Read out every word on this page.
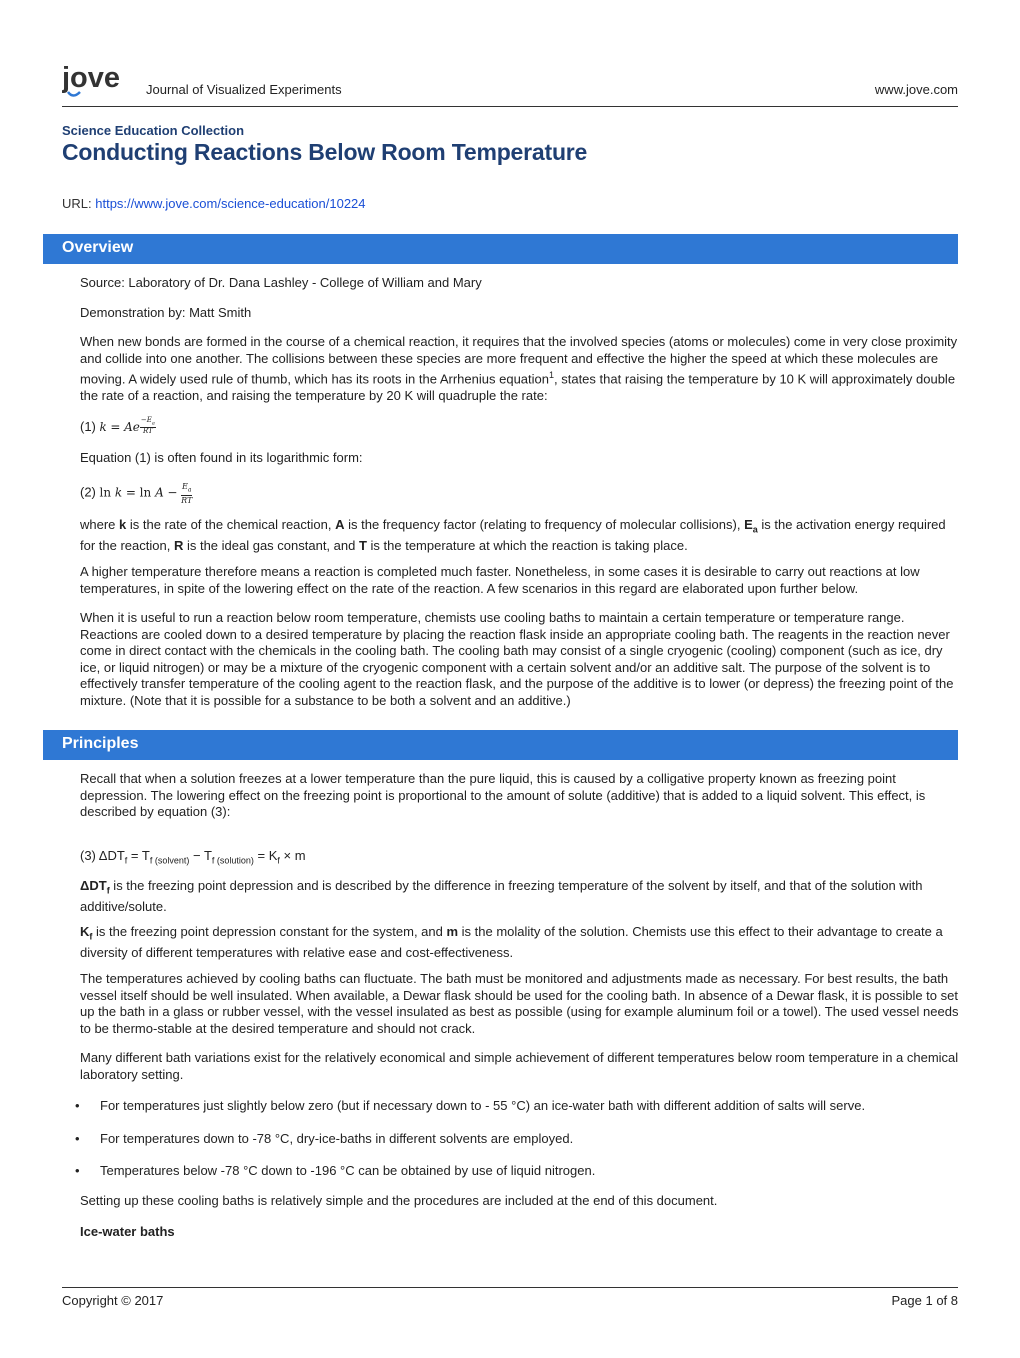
jove Journal of Visualized Experiments	www.jove.com
Science Education Collection
Conducting Reactions Below Room Temperature
URL: https://www.jove.com/science-education/10224
Overview
Source: Laboratory of Dr. Dana Lashley - College of William and Mary
Demonstration by: Matt Smith

When new bonds are formed in the course of a chemical reaction, it requires that the involved species (atoms or molecules) come in very close proximity and collide into one another. The collisions between these species are more frequent and effective the higher the speed at which these molecules are moving. A widely used rule of thumb, which has its roots in the Arrhenius equation$^1$, states that raising the temperature by 10 K will approximately double the rate of a reaction, and raising the temperature by 20 K will quadruple the rate:

(1) k = Ae $\frac{-E_a}{RT}$
Equation (1) is often found in its logarithmic form:
(2) $\ln k = \ln A - \frac{E_a}{RT}$

where k is the rate of the chemical reaction, A is the frequency factor (relating to frequency of molecular collisions), $E_a$ is the activation energy required for the reaction, R is the ideal gas constant, and T is the temperature at which the reaction is taking place.

A higher temperature therefore means a reaction is completed much faster. Nonetheless, in some cases it is desirable to carry out reactions at low temperatures, in spite of the lowering effect on the rate of the reaction. A few scenarios in this regard are elaborated upon further below.

When it is useful to run a reaction below room temperature, chemists use cooling baths to maintain a certain temperature or temperature range. Reactions are cooled down to a desired temperature by placing the reaction flask inside an appropriate cooling bath. The reagents in the reaction never come in direct contact with the chemicals in the cooling bath. The cooling bath may consist of a single cryogenic (cooling) component (such as ice, dry ice, or liquid nitrogen) or may be a mixture of the cryogenic component with a certain solvent and/or an additive salt. The purpose of the solvent is to effectively transfer temperature of the cooling agent to the reaction flask, and the purpose of the additive is to lower (or depress) the freezing point of the mixture. (Note that it is possible for a substance to be both a solvent and an additive.)

Principles

Recall that when a solution freezes at a lower temperature than the pure liquid, this is caused by a colligative property known as freezing point depression. The lowering effect on the freezing point is proportional to the amount of solute (additive) that is added to a liquid solvent. This effect, is described by equation (3):

(3) $\Delta DT_f = T_{f (solvent)} - T_{f (solution)} = K_f \times m$

$\Delta DT_f$ is the freezing point depression and is described by the difference in freezing temperature of the solvent by itself, and that of the solution with additive/solute.

$K_f$ is the freezing point depression constant for the system, and m is the molality of the solution. Chemists use this effect to their advantage to create a diversity of different temperatures with relative ease and cost-effectiveness.

The temperatures achieved by cooling baths can fluctuate. The bath must be monitored and adjustments made as necessary. For best results, the bath vessel itself should be well insulated. When available, a Dewar flask should be used for the cooling bath. In absence of a Dewar flask, it is possible to set up the bath in a glass or rubber vessel, with the vessel insulated as best as possible (using for example aluminum foil or a towel). The used vessel needs to be thermo-stable at the desired temperature and should not crack.

Many different bath variations exist for the relatively economical and simple achievement of different temperatures below room temperature in a chemical laboratory setting.

• For temperatures just slightly below zero (but if necessary down to - 55 °C) an ice-water bath with different addition of salts will serve.
• For temperatures down to -78 °C, dry-ice-baths in different solvents are employed.
• Temperatures below -78 °C down to -196 °C can be obtained by use of liquid nitrogen.

Setting up these cooling baths is relatively simple and the procedures are included at the end of this document.

Ice-water baths
Copyright © 2017	Page 1 of 8
